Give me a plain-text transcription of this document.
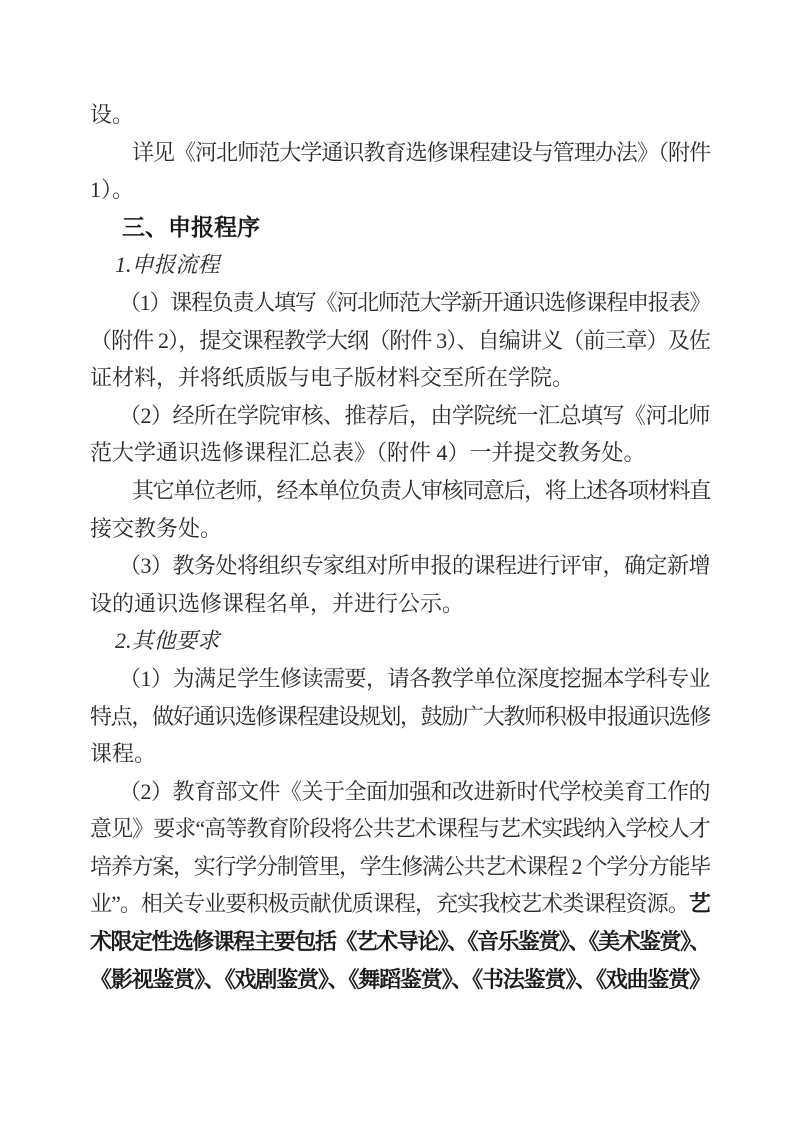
设。
详见《河北师范大学通识教育选修课程建设与管理办法》（附件
1）。
三、申报程序
1.申报流程
（1）课程负责人填写《河北师范大学新开通识选修课程申报表》
（附件 2），提交课程教学大纲（附件 3）、自编讲义（前三章）及佐
证材料，并将纸质版与电子版材料交至所在学院。
（2）经所在学院审核、推荐后，由学院统一汇总填写《河北师
范大学通识选修课程汇总表》（附件 4）一并提交教务处。
其它单位老师，经本单位负责人审核同意后，将上述各项材料直
接交教务处。
（3）教务处将组织专家组对所申报的课程进行评审，确定新增
设的通识选修课程名单，并进行公示。
2.其他要求
（1）为满足学生修读需要，请各教学单位深度挖掘本学科专业
特点，做好通识选修课程建设规划，鼓励广大教师积极申报通识选修
课程。
（2）教育部文件《关于全面加强和改进新时代学校美育工作的
意见》要求“高等教育阶段将公共艺术课程与艺术实践纳入学校人才
培养方案，实行学分制管里，学生修满公共艺术课程 2 个学分方能毕
业”。相关专业要积极贡献优质课程，充实我校艺术类课程资源。艺
术限定性选修课程主要包括《艺术导论》、《音乐鉴赏》、《美术鉴赏》、
《影视鉴赏》、《戏剧鉴赏》、《舞蹈鉴赏》、《书法鉴赏》、《戏曲鉴赏》
